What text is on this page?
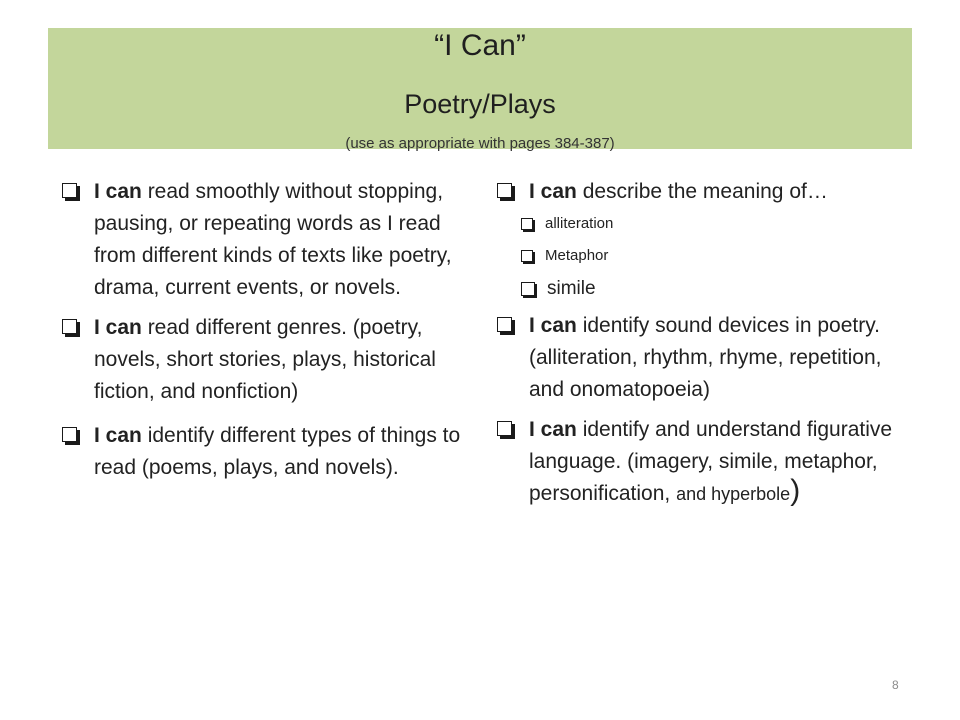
“I Can”
Poetry/Plays
(use as appropriate with pages 384-387)
I can read smoothly without stopping, pausing, or repeating words as I read from different kinds of texts like poetry, drama, current events, or novels.
I can read different genres. (poetry, novels, short stories, plays, historical fiction, and nonfiction)
I can identify different types of things to read (poems, plays, and novels).
I can describe the meaning of…
alliteration
Metaphor
simile
I can identify sound devices in poetry. (alliteration, rhythm, rhyme, repetition, and onomatopoeia)
I can identify and understand figurative language. (imagery, simile, metaphor, personification, and hyperbole)
8
